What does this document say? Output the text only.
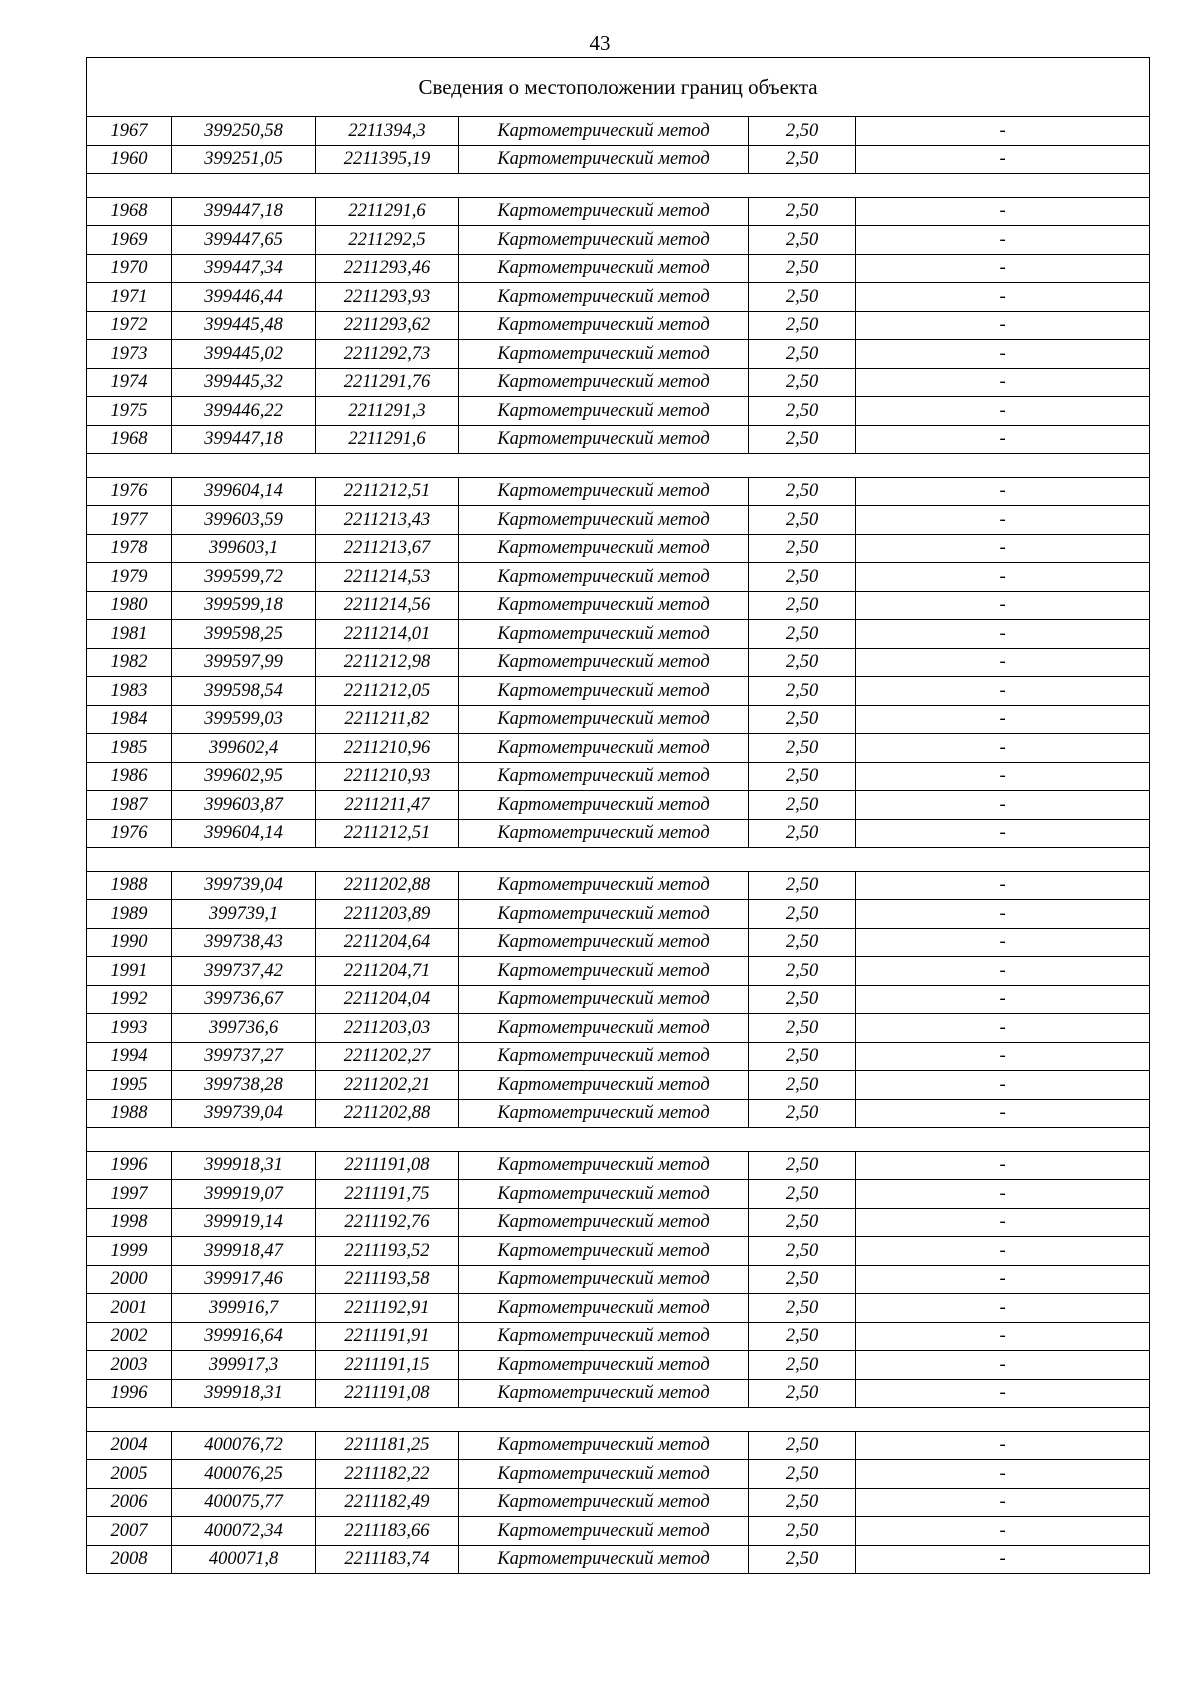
43
Сведения о местоположении границ объекта					
1967	399250,58	2211394,3	Картометрический метод	2,50	-
1960	399251,05	2211395,19	Картометрический метод	2,50	-

1968	399447,18	2211291,6	Картометрический метод	2,50	-
1969	399447,65	2211292,5	Картометрический метод	2,50	-
1970	399447,34	2211293,46	Картометрический метод	2,50	-
1971	399446,44	2211293,93	Картометрический метод	2,50	-
1972	399445,48	2211293,62	Картометрический метод	2,50	-
1973	399445,02	2211292,73	Картометрический метод	2,50	-
1974	399445,32	2211291,76	Картометрический метод	2,50	-
1975	399446,22	2211291,3	Картометрический метод	2,50	-
1968	399447,18	2211291,6	Картометрический метод	2,50	-

1976	399604,14	2211212,51	Картометрический метод	2,50	-
1977	399603,59	2211213,43	Картометрический метод	2,50	-
1978	399603,1	2211213,67	Картометрический метод	2,50	-
1979	399599,72	2211214,53	Картометрический метод	2,50	-
1980	399599,18	2211214,56	Картометрический метод	2,50	-
1981	399598,25	2211214,01	Картометрический метод	2,50	-
1982	399597,99	2211212,98	Картометрический метод	2,50	-
1983	399598,54	2211212,05	Картометрический метод	2,50	-
1984	399599,03	2211211,82	Картометрический метод	2,50	-
1985	399602,4	2211210,96	Картометрический метод	2,50	-
1986	399602,95	2211210,93	Картометрический метод	2,50	-
1987	399603,87	2211211,47	Картометрический метод	2,50	-
1976	399604,14	2211212,51	Картометрический метод	2,50	-

1988	399739,04	2211202,88	Картометрический метод	2,50	-
1989	399739,1	2211203,89	Картометрический метод	2,50	-
1990	399738,43	2211204,64	Картометрический метод	2,50	-
1991	399737,42	2211204,71	Картометрический метод	2,50	-
1992	399736,67	2211204,04	Картометрический метод	2,50	-
1993	399736,6	2211203,03	Картометрический метод	2,50	-
1994	399737,27	2211202,27	Картометрический метод	2,50	-
1995	399738,28	2211202,21	Картометрический метод	2,50	-
1988	399739,04	2211202,88	Картометрический метод	2,50	-

1996	399918,31	2211191,08	Картометрический метод	2,50	-
1997	399919,07	2211191,75	Картометрический метод	2,50	-
1998	399919,14	2211192,76	Картометрический метод	2,50	-
1999	399918,47	2211193,52	Картометрический метод	2,50	-
2000	399917,46	2211193,58	Картометрический метод	2,50	-
2001	399916,7	2211192,91	Картометрический метод	2,50	-
2002	399916,64	2211191,91	Картометрический метод	2,50	-
2003	399917,3	2211191,15	Картометрический метод	2,50	-
1996	399918,31	2211191,08	Картометрический метод	2,50	-

2004	400076,72	2211181,25	Картометрический метод	2,50	-
2005	400076,25	2211182,22	Картометрический метод	2,50	-
2006	400075,77	2211182,49	Картометрический метод	2,50	-
2007	400072,34	2211183,66	Картометрический метод	2,50	-
2008	400071,8	2211183,74	Картометрический метод	2,50	-
